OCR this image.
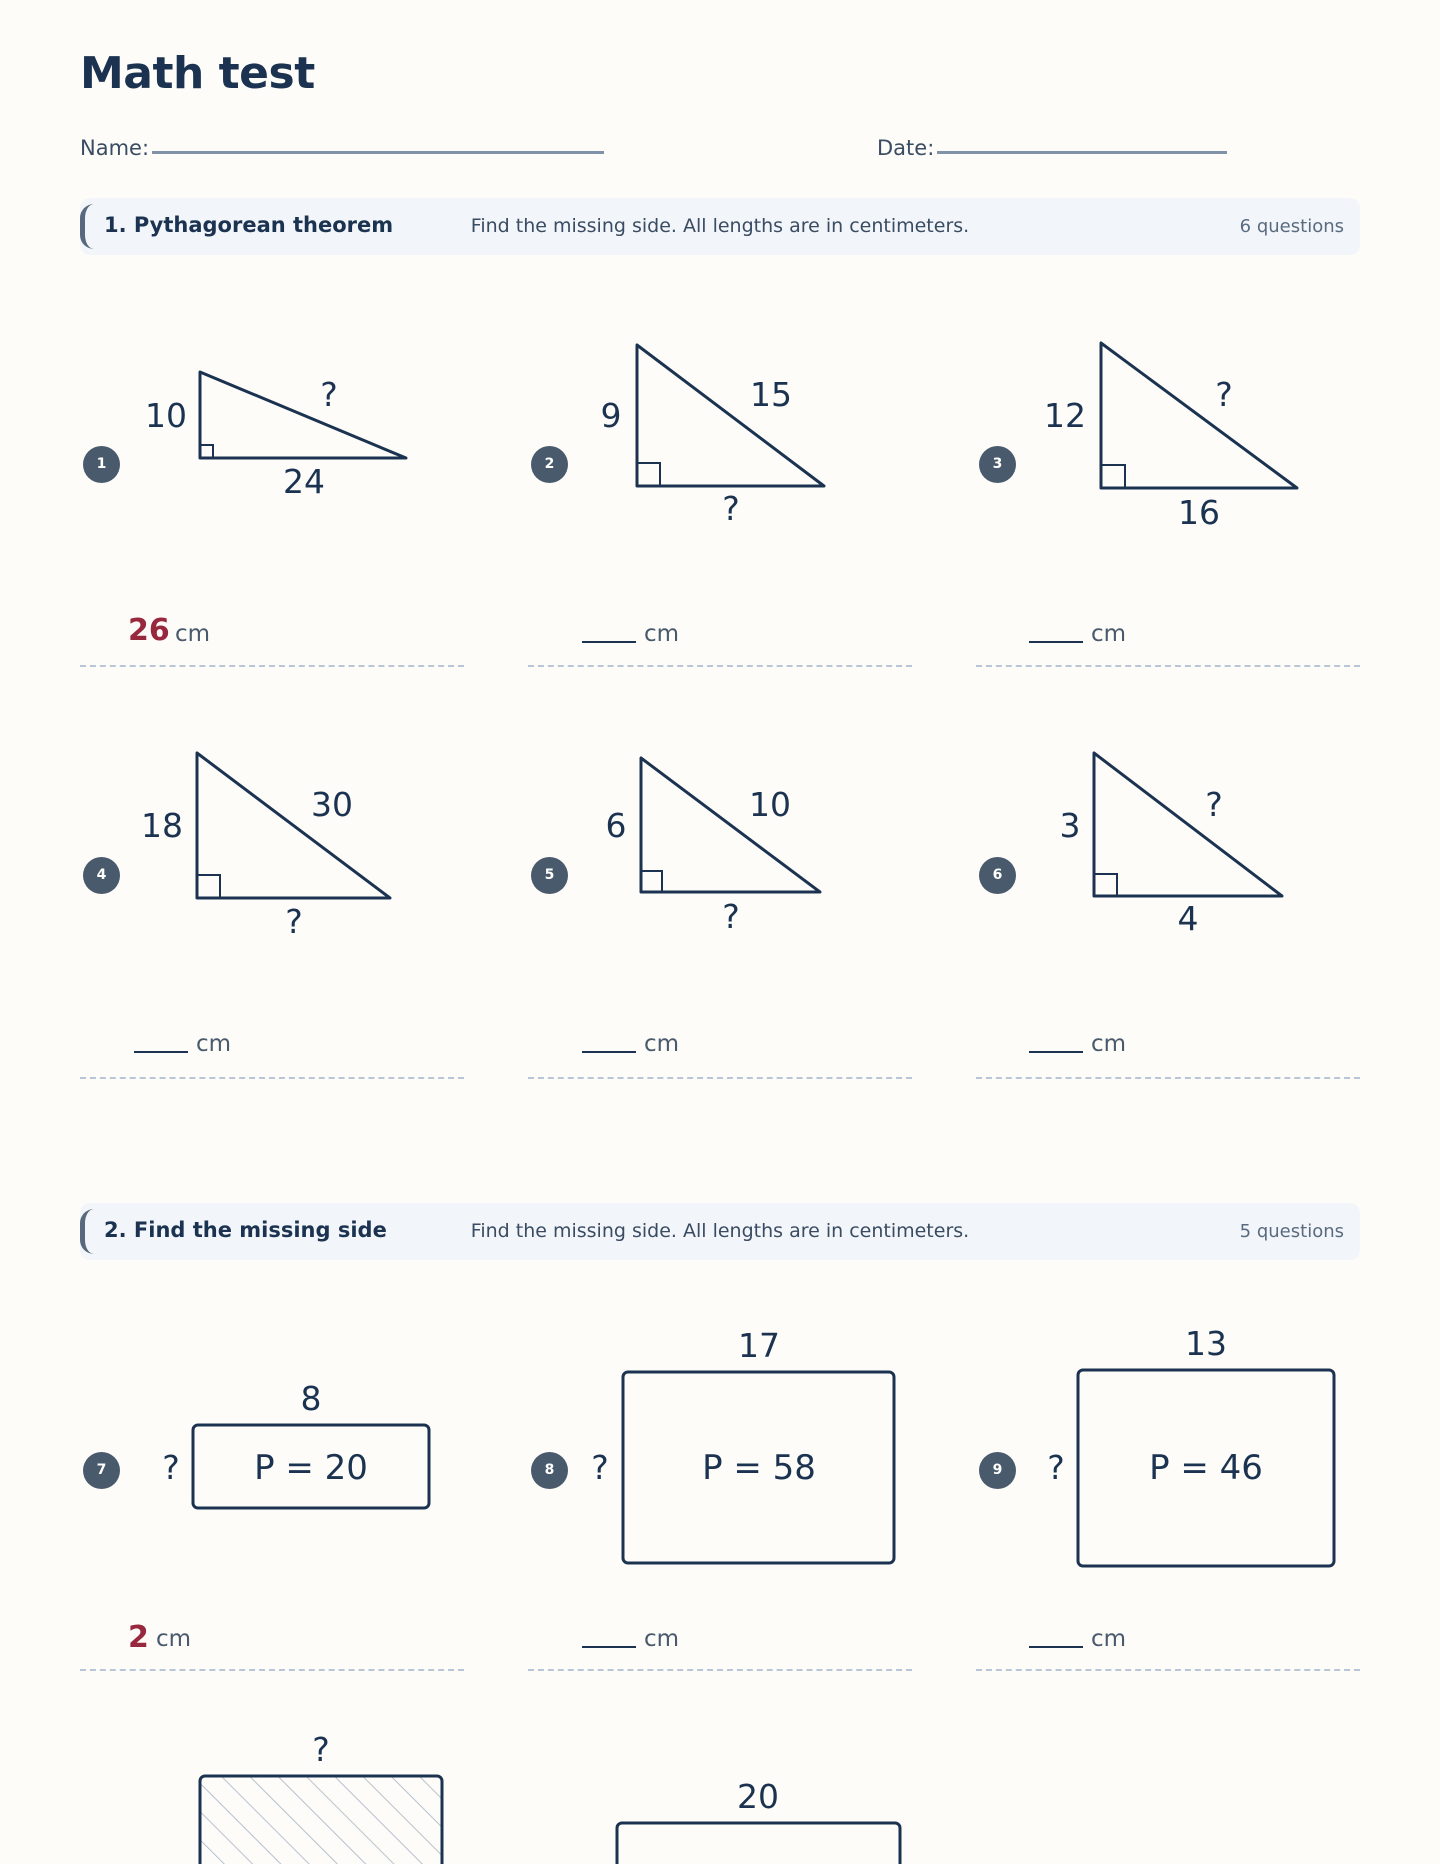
Math test
Name:	Date:
1. Pythagorean theorem	Find the missing side. All lengths are in centimeters.	6 questions
1
10
?
24
26 cm
2
9
15
?
cm
3
12
?
16
cm
4
18
30
?
cm
5
6
10
?
cm
6
3
?
4
cm
2. Find the missing side	Find the missing side. All lengths are in centimeters.	5 questions
7
8
? P = 20
2 cm
8
17
?	P = 58
cm
9
13
? P = 46
cm
?
20
